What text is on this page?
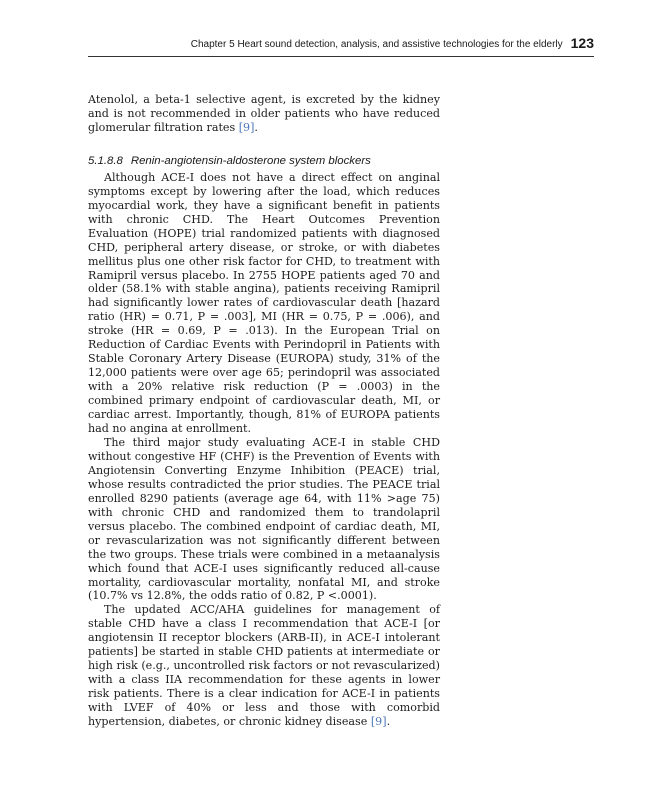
Chapter 5 Heart sound detection, analysis, and assistive technologies for the elderly 123

Atenolol, a beta-1 selective agent, is excreted by the kidney and is not recommended in older patients who have reduced glomerular filtration rates [9].

5.1.8.8 Renin-angiotensin-aldosterone system blockers

Although ACE-I does not have a direct effect on anginal symptoms except by lowering after the load, which reduces myocardial work, they have a significant benefit in patients with chronic CHD. The Heart Outcomes Prevention Evaluation (HOPE) trial randomized patients with diagnosed CHD, peripheral artery disease, or stroke, or with diabetes mellitus plus one other risk factor for CHD, to treatment with Ramipril versus placebo. In 2755 HOPE patients aged 70 and older (58.1% with stable angina), patients receiving Ramipril had significantly lower rates of cardiovascular death [hazard ratio (HR) = 0.71, P = .003], MI (HR = 0.75, P = .006), and stroke (HR = 0.69, P = .013). In the European Trial on Reduction of Cardiac Events with Perindopril in Patients with Stable Coronary Artery Disease (EUROPA) study, 31% of the 12,000 patients were over age 65; perindopril was associated with a 20% relative risk reduction (P = .0003) in the combined primary endpoint of cardiovascular death, MI, or cardiac arrest. Importantly, though, 81% of EUROPA patients had no angina at enrollment.

The third major study evaluating ACE-I in stable CHD without congestive HF (CHF) is the Prevention of Events with Angiotensin Converting Enzyme Inhibition (PEACE) trial, whose results contradicted the prior studies. The PEACE trial enrolled 8290 patients (average age 64, with 11% >age 75) with chronic CHD and randomized them to trandolapril versus placebo. The combined endpoint of cardiac death, MI, or revascularization was not significantly different between the two groups. These trials were combined in a metaanalysis which found that ACE-I uses significantly reduced all-cause mortality, cardiovascular mortality, nonfatal MI, and stroke (10.7% vs 12.8%, the odds ratio of 0.82, P <.0001).

The updated ACC/AHA guidelines for management of stable CHD have a class I recommendation that ACE-I [or angiotensin II receptor blockers (ARB-II), in ACE-I intolerant patients] be started in stable CHD patients at intermediate or high risk (e.g., uncontrolled risk factors or not revascularized) with a class IIA recommendation for these agents in lower risk patients. There is a clear indication for ACE-I in patients with LVEF of 40% or less and those with comorbid hypertension, diabetes, or chronic kidney disease [9].
